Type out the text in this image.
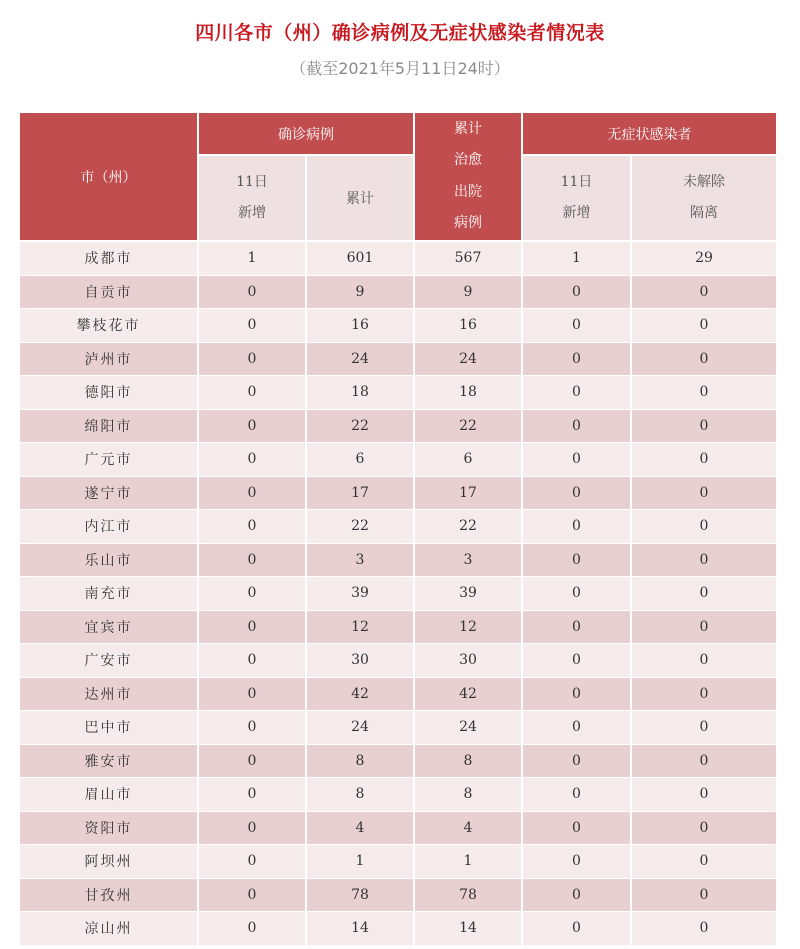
四川各市（州）确诊病例及无症状感染者情况表
（截至2021年5月11日24时）
市（州）
确诊病例
11日
新增
累计
累计
治愈
出院
病例
无症状感染者
11日
新增
未解除
隔离
成都市	1	601	567	1	29
自贡市	0	9	9	0	0
攀枝花市	0	16	16	0	0
泸州市	0	24	24	0	0
德阳市	0	18	18	0	0
绵阳市	0	22	22	0	0
广元市	0	6	6	0	0
遂宁市	0	17	17	0	0
内江市	0	22	22	0	0
乐山市	0	3	3	0	0
南充市	0	39	39	0	0
宜宾市	0	12	12	0	0
广安市	0	30	30	0	0
达州市	0	42	42	0	0
巴中市	0	24	24	0	0
雅安市	0	8	8	0	0
眉山市	0	8	8	0	0
资阳市	0	4	4	0	0
阿坝州	0	1	1	0	0
甘孜州	0	78	78	0	0
凉山州	0	14	14	0	0
